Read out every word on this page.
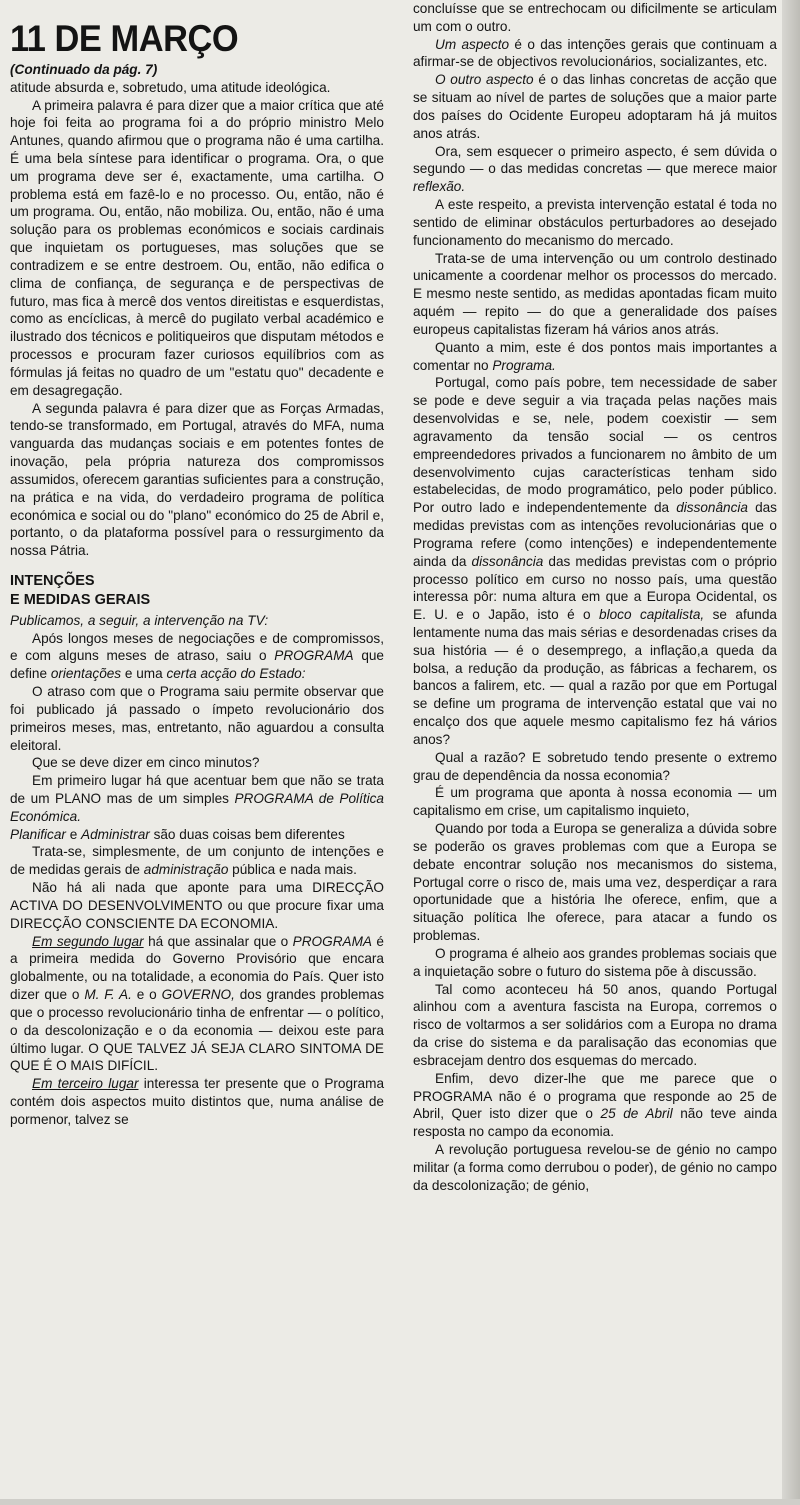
11 DE MARÇO
(Continuado da pág. 7)

atitude absurda e, sobretudo, uma atitude ideológica.

A primeira palavra é para dizer que a maior crítica que até hoje foi feita ao programa foi a do próprio ministro Melo Antunes, quando afirmou que o programa não é uma cartilha. É uma bela síntese para identificar o programa. Ora, o que um programa deve ser é, exactamente, uma cartilha. O problema está em fazê-lo e no processo. Ou, então, não é um programa. Ou, então, não mobiliza. Ou, então, não é uma solução para os problemas económicos e sociais cardinais que inquietam os portugueses, mas soluções que se contradizem e se entre destroem. Ou, então, não edifica o clima de confiança, de segurança e de perspectivas de futuro, mas fica à mercê dos ventos direitistas e esquerdistas, como as encíclicas, à mercê do pugilato verbal académico e ilustrado dos técnicos e politiqueiros que disputam métodos e processos e procuram fazer curiosos equilíbrios com as fórmulas já feitas no quadro de um "estatu quo" decadente e em desagregação.

A segunda palavra é para dizer que as Forças Armadas, tendo-se transformado, em Portugal, através do MFA, numa vanguarda das mudanças sociais e em potentes fontes de inovação, pela própria natureza dos compromissos assumidos, oferecem garantias suficientes para a construção, na prática e na vida, do verdadeiro programa de política económica e social ou do "plano" económico do 25 de Abril e, portanto, o da plataforma possível para o ressurgimento da nossa Pátria.

INTENÇÕES
E MEDIDAS GERAIS

Publicamos, a seguir, a intervenção na TV:

Após longos meses de negociações e de compromissos, e com alguns meses de atraso, saiu o PROGRAMA que define orientações e uma certa acção do Estado:

O atraso com que o Programa saiu permite observar que foi publicado já passado o ímpeto revolucionário dos primeiros meses, mas, entretanto, não aguardou a consulta eleitoral.

Que se deve dizer em cinco minutos?

Em primeiro lugar há que acentuar bem que não se trata de um PLANO mas de um simples PROGRAMA de Política Económica.

Planificar e Administrar são duas coisas bem diferentes

Trata-se, simplesmente, de um conjunto de intenções e de medidas gerais de administração pública e nada mais.

Não há ali nada que aponte para uma DIRECÇÃO ACTIVA DO DESENVOLVIMENTO ou que procure fixar uma DIRECÇÃO CONSCIENTE DA ECONOMIA.

Em segundo lugar há que assinalar que o PROGRAMA é a primeira medida do Governo Provisório que encara globalmente, ou na totalidade, a economia do País. Quer isto dizer que o M. F. A. e o GOVERNO, dos grandes problemas que o processo revolucionário tinha de enfrentar — o político, o da descolonização e o da economia — deixou este para último lugar. O QUE TALVEZ JÁ SEJA CLARO SINTOMA DE QUE É O MAIS DIFÍCIL.

Em terceiro lugar interessa ter presente que o Programa contém dois aspectos muito distintos que, numa análise de pormenor, talvez se

concluísse que se entrechocam ou dificilmente se articulam um com o outro.

Um aspecto é o das intenções gerais que continuam a afirmar-se de objectivos revolucionários, socializantes, etc.

O outro aspecto é o das linhas concretas de acção que se situam ao nível de partes de soluções que a maior parte dos países do Ocidente Europeu adoptaram há já muitos anos atrás.

Ora, sem esquecer o primeiro aspecto, é sem dúvida o segundo — o das medidas concretas — que merece maior reflexão.

A este respeito, a prevista intervenção estatal é toda no sentido de eliminar obstáculos perturbadores ao desejado funcionamento do mecanismo do mercado.

Trata-se de uma intervenção ou um controlo destinado unicamente a coordenar melhor os processos do mercado. E mesmo neste sentido, as medidas apontadas ficam muito aquém — repito — do que a generalidade dos países europeus capitalistas fizeram há vários anos atrás.

Quanto a mim, este é dos pontos mais importantes a comentar no Programa.

Portugal, como país pobre, tem necessidade de saber se pode e deve seguir a via traçada pelas nações mais desenvolvidas e se, nele, podem coexistir — sem agravamento da tensão social — os centros empreendedores privados a funcionarem no âmbito de um desenvolvimento cujas características tenham sido estabelecidas, de modo programático, pelo poder público. Por outro lado e independentemente da dissonância das medidas previstas com as intenções revolucionárias que o Programa refere (como intenções) e independentemente ainda da dissonância das medidas previstas com o próprio processo político em curso no nosso país, uma questão interessa pôr: numa altura em que a Europa Ocidental, os E. U. e o Japão, isto é o bloco capitalista, se afunda lentamente numa das mais sérias e desordenadas crises da sua história — é o desemprego, a inflação,a queda da bolsa, a redução da produção, as fábricas a fecharem, os bancos a falirem, etc. — qual a razão por que em Portugal se define um programa de intervenção estatal que vai no encalço dos que aquele mesmo capitalismo fez há vários anos?

Qual a razão? E sobretudo tendo presente o extremo grau de dependência da nossa economia?

É um programa que aponta à nossa economia — um capitalismo em crise, um capitalismo inquieto,

Quando por toda a Europa se generaliza a dúvida sobre se poderão os graves problemas com que a Europa se debate encontrar solução nos mecanismos do sistema, Portugal corre o risco de, mais uma vez, desperdiçar a rara oportunidade que a história lhe oferece, enfim, que a situação política lhe oferece, para atacar a fundo os problemas.

O programa é alheio aos grandes problemas sociais que a inquietação sobre o futuro do sistema põe à discussão.

Tal como aconteceu há 50 anos, quando Portugal alinhou com a aventura fascista na Europa, corremos o risco de voltarmos a ser solidários com a Europa no drama da crise do sistema e da paralisação das economias que esbracejam dentro dos esquemas do mercado.

Enfim, devo dizer-lhe que me parece que o PROGRAMA não é o programa que responde ao 25 de Abril, Quer isto dizer que o 25 de Abril não teve ainda resposta no campo da economia.

A revolução portuguesa revelou-se de génio no campo militar (a forma como derrubou o poder), de génio no campo da descolonização; de génio,
